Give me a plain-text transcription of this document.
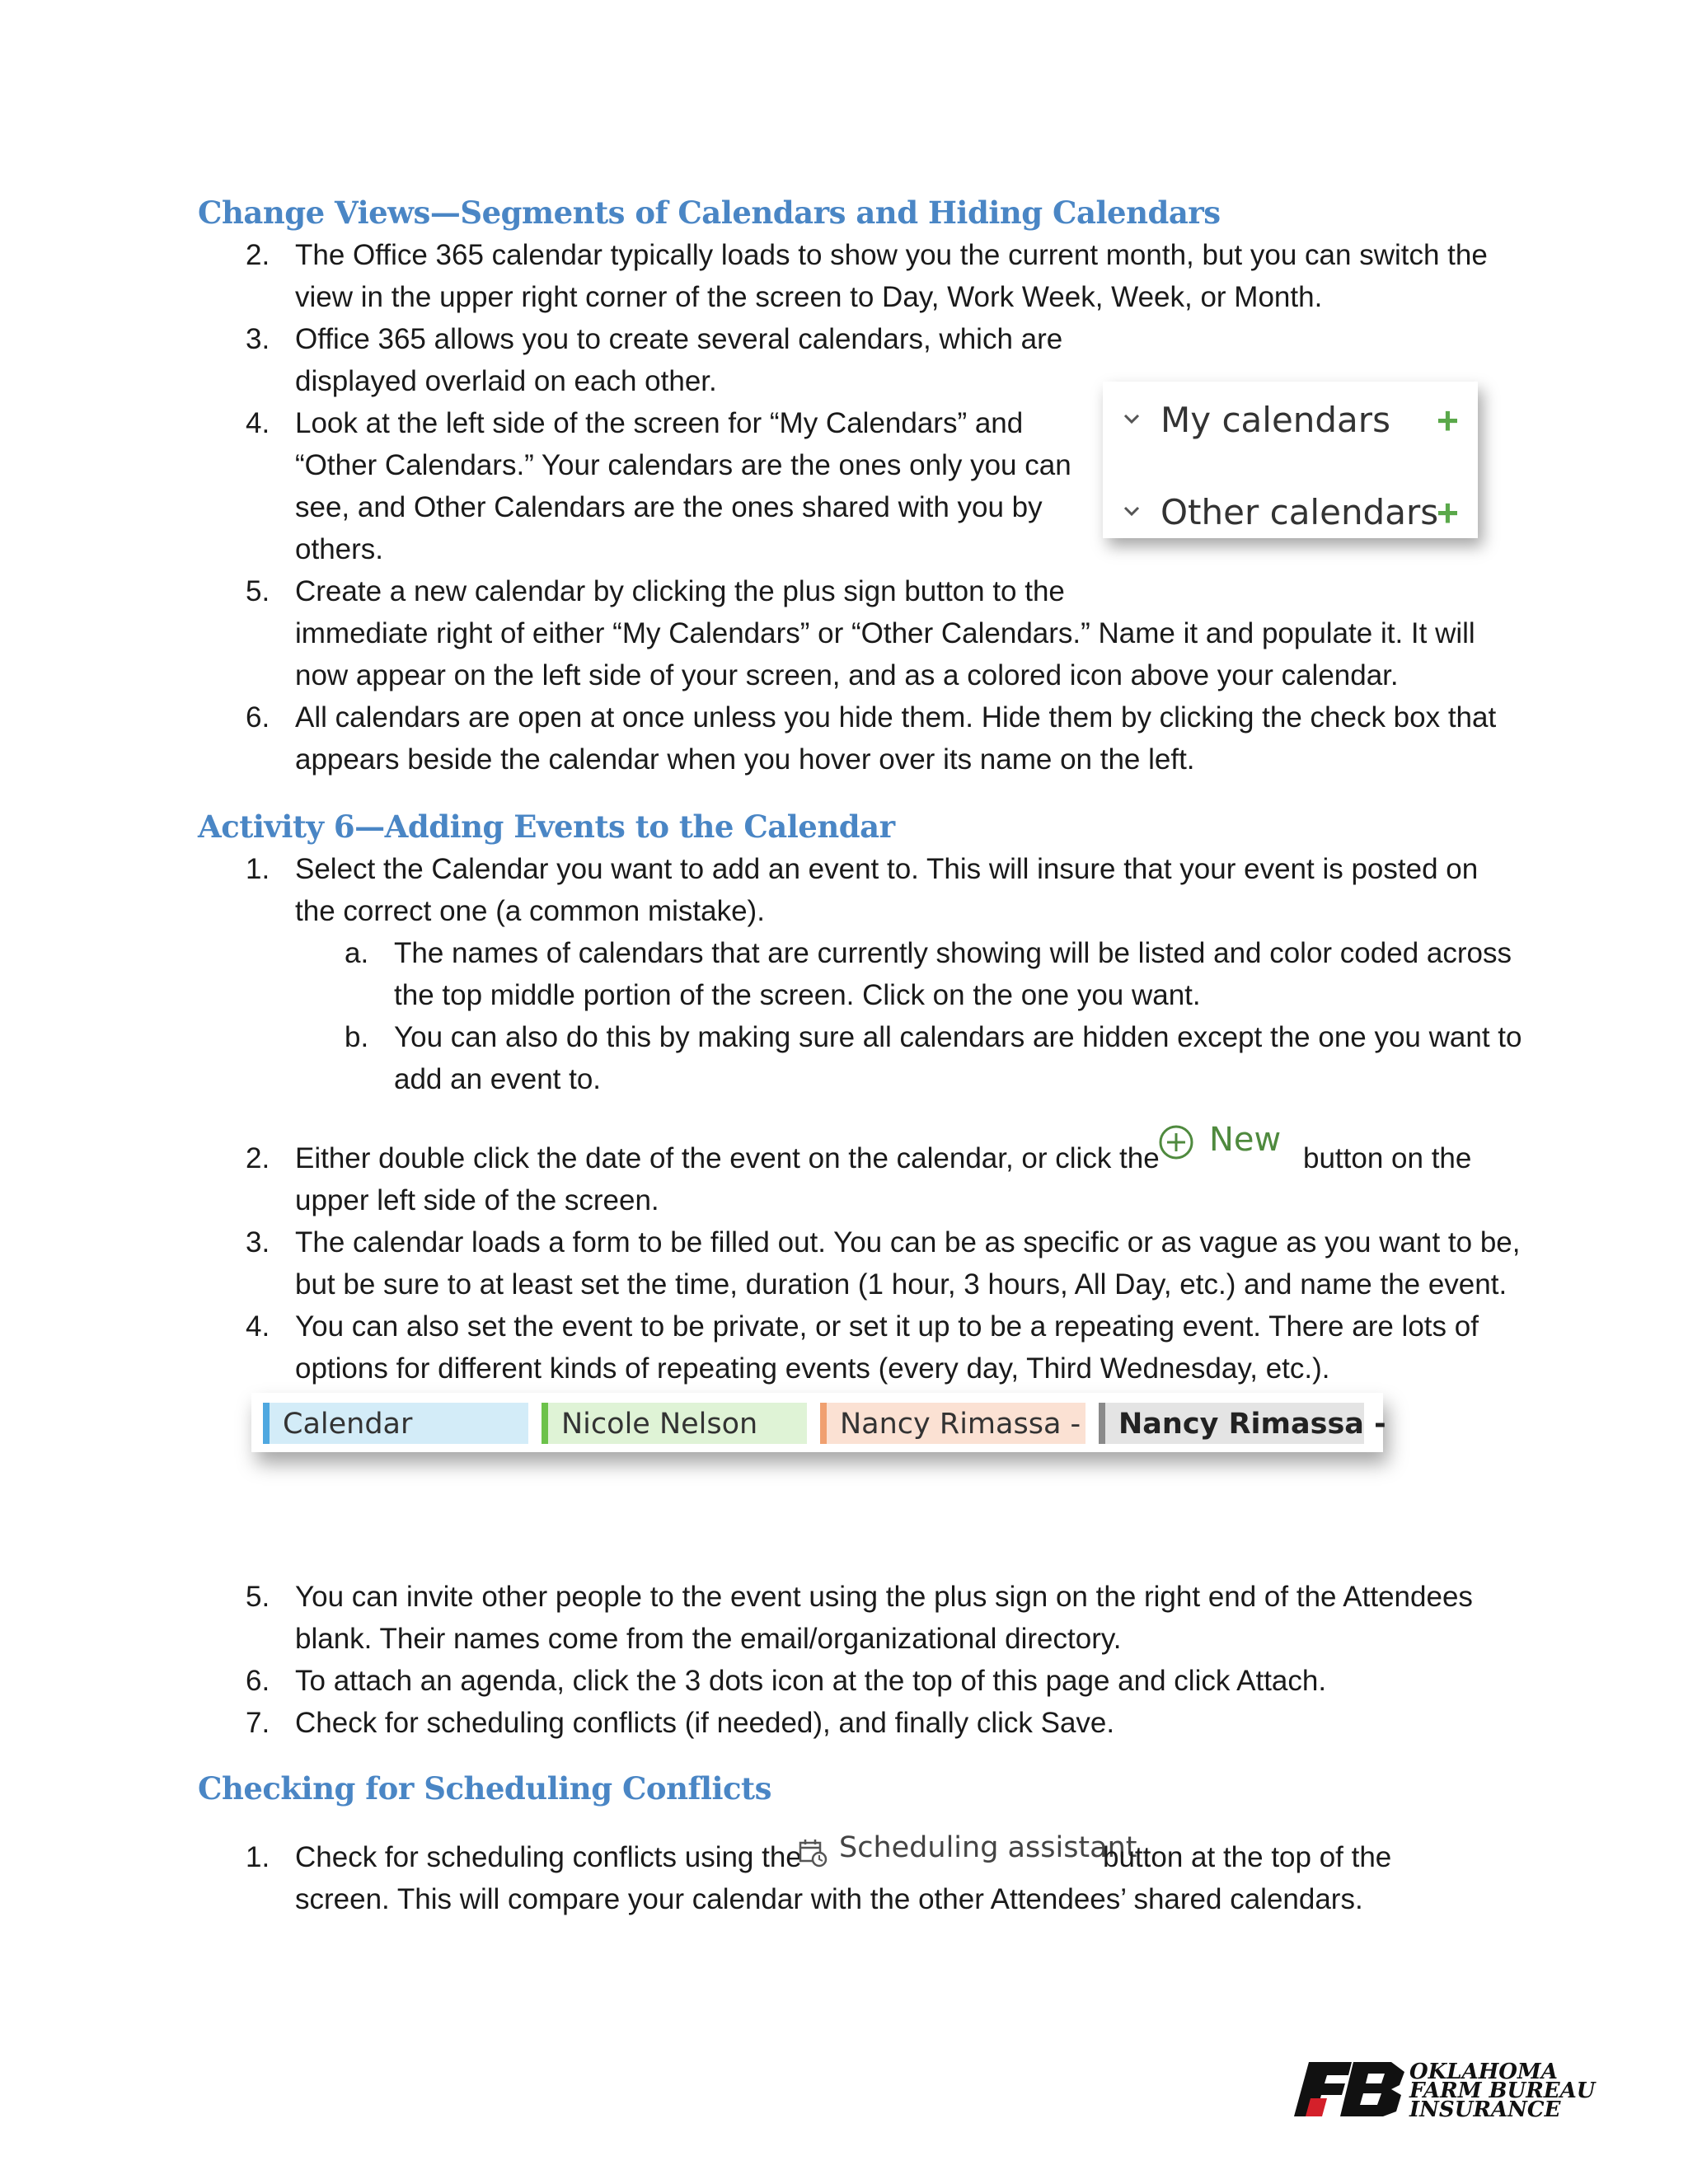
Change Views—Segments of Calendars and Hiding Calendars
2. The Office 365 calendar typically loads to show you the current month, but you can switch the
view in the upper right corner of the screen to Day, Work Week, Week, or Month.
3. Office 365 allows you to create several calendars, which are
displayed overlaid on each other.
4. Look at the left side of the screen for “My Calendars” and
“Other Calendars.” Your calendars are the ones only you can
see, and Other Calendars are the ones shared with you by
others.
5. Create a new calendar by clicking the plus sign button to the
immediate right of either “My Calendars” or “Other Calendars.” Name it and populate it. It will
now appear on the left side of your screen, and as a colored icon above your calendar.
6. All calendars are open at once unless you hide them. Hide them by clicking the check box that
appears beside the calendar when you hover over its name on the left.
My calendars +
Other calendars
+
Activity 6—Adding Events to the Calendar
1. Select the Calendar you want to add an event to. This will insure that your event is posted on
the correct one (a common mistake).
a. The names of calendars that are currently showing will be listed and color coded across
the top middle portion of the screen. Click on the one you want.
b. You can also do this by making sure all calendars are hidden except the one you want to
add an event to.
2. Either double click the date of the event on the calendar, or click the New button on the
upper left side of the screen.
3. The calendar loads a form to be filled out. You can be as specific or as vague as you want to be,
but be sure to at least set the time, duration (1 hour, 3 hours, All Day, etc.) and name the event.
4. You can also set the event to be private, or set it up to be a repeating event. There are lots of
options for different kinds of repeating events (every day, Third Wednesday, etc.).
Calendar	Nicole Nelson	Nancy Rimassa - Nancy Rimassa -
5. You can invite other people to the event using the plus sign on the right end of the Attendees
blank. Their names come from the email/organizational directory.
6. To attach an agenda, click the 3 dots icon at the top of this page and click Attach.
7. Check for scheduling conflicts (if needed), and finally click Save.
Checking for Scheduling Conflicts
1. Check for scheduling conflicts using the Scheduling assistant
button at the top of the
screen. This will compare your calendar with the other Attendees’ shared calendars.
OKLAHOMA
FARM BUREAU
INSURANCE
